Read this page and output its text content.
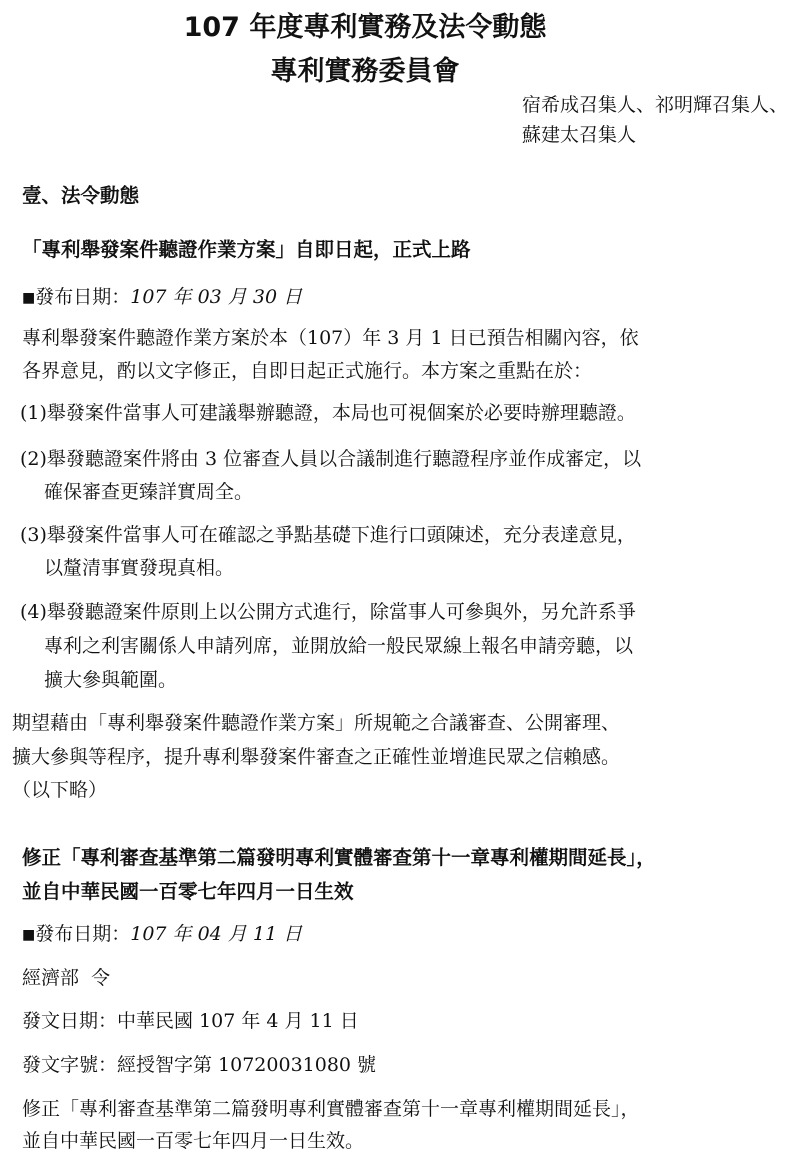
107 年度專利實務及法令動態
專利實務委員會
宿希成召集人、祁明輝召集人、
蘇建太召集人
壹、法令動態
「專利舉發案件聽證作業方案」自即日起，正式上路
■發布日期：107 年 03 月 30 日
專利舉發案件聽證作業方案於本（107）年 3 月 1 日已預告相關內容，依
各界意見，酌以文字修正，自即日起正式施行。本方案之重點在於：
(1)舉發案件當事人可建議舉辦聽證，本局也可視個案於必要時辦理聽證。
(2)舉發聽證案件將由 3 位審查人員以合議制進行聽證程序並作成審定，以
確保審查更臻詳實周全。
(3)舉發案件當事人可在確認之爭點基礎下進行口頭陳述，充分表達意見，
以釐清事實發現真相。
(4)舉發聽證案件原則上以公開方式進行，除當事人可參與外，另允許系爭
專利之利害關係人申請列席，並開放給一般民眾線上報名申請旁聽，以
擴大參與範圍。
期望藉由「專利舉發案件聽證作業方案」所規範之合議審查、公開審理、
擴大參與等程序，提升專利舉發案件審查之正確性並增進民眾之信賴感。
（以下略）
修正「專利審查基準第二篇發明專利實體審查第十一章專利權期間延長」，
並自中華民國一百零七年四月一日生效
■發布日期：107 年 04 月 11 日
經濟部  令
發文日期：中華民國 107 年 4 月 11 日
發文字號：經授智字第 10720031080 號
修正「專利審查基準第二篇發明專利實體審查第十一章專利權期間延長」，
並自中華民國一百零七年四月一日生效。
